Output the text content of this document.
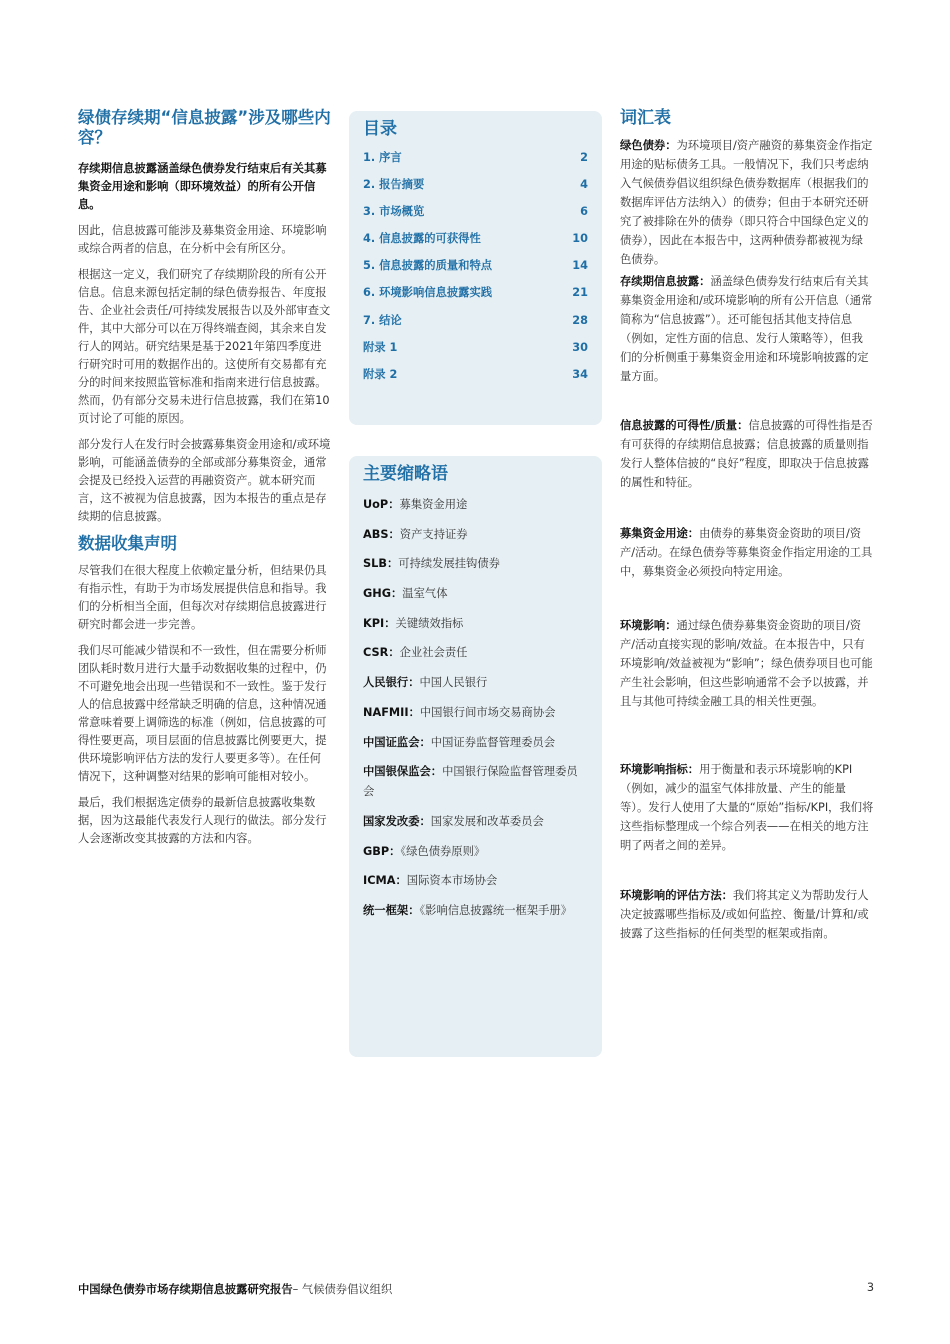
绿债存续期“信息披露”涉及哪些内容？

存续期信息披露涵盖绿色债券发行结束后有关其募集资金用途和影响（即环境效益）的所有公开信息。

因此，信息披露可能涉及募集资金用途、环境影响或综合两者的信息，在分析中会有所区分。

根据这一定义，我们研究了存续期阶段的所有公开信息。信息来源包括定制的绿色债券报告、年度报告、企业社会责任/可持续发展报告以及外部审查文件，其中大部分可以在万得终端查阅，其余来自发行人的网站。研究结果是基于2021年第四季度进行研究时可用的数据作出的。这使所有交易都有充分的时间来按照监管标准和指南来进行信息披露。然而，仍有部分交易未进行信息披露，我们在第10页讨论了可能的原因。

部分发行人在发行时会披露募集资金用途和/或环境影响，可能涵盖债券的全部或部分募集资金，通常会提及已经投入运营的再融资资产。就本研究而言，这不被视为信息披露，因为本报告的重点是存续期的信息披露。

数据收集声明

尽管我们在很大程度上依赖定量分析，但结果仍具有指示性，有助于为市场发展提供信息和指导。我们的分析相当全面，但每次对存续期信息披露进行研究时都会进一步完善。

我们尽可能减少错误和不一致性，但在需要分析师团队耗时数月进行大量手动数据收集的过程中，仍不可避免地会出现一些错误和不一致性。鉴于发行人的信息披露中经常缺乏明确的信息，这种情况通常意味着要上调筛选的标准（例如，信息披露的可得性要更高，项目层面的信息披露比例要更大，提供环境影响评估方法的发行人要更多等）。在任何情况下，这种调整对结果的影响可能相对较小。

最后，我们根据选定债券的最新信息披露收集数据，因为这最能代表发行人现行的做法。部分发行人会逐渐改变其披露的方法和内容。

目录
1. 序言	2
2. 报告摘要	4
3. 市场概览	6
4. 信息披露的可获得性	10
5. 信息披露的质量和特点	14
6. 环境影响信息披露实践	21
7. 结论	28
附录 1	30
附录 2	34
主要缩略语
UoP：募集资金用途
ABS：资产支持证券
SLB：可持续发展挂钩债券
GHG：温室气体
KPI：关键绩效指标
CSR：企业社会责任
人民银行：中国人民银行
NAFMII：中国银行间市场交易商协会
中国证监会：中国证券监督管理委员会
中国银保监会：中国银行保险监督管理委员会
国家发改委：国家发展和改革委员会
GBP：《绿色债券原则》
ICMA：国际资本市场协会
统一框架：《影响信息披露统一框架手册》
词汇表

绿色债券：为环境项目/资产融资的募集资金作指定用途的贴标债务工具。一般情况下，我们只考虑纳入气候债券倡议组织绿色债券数据库（根据我们的数据库评估方法纳入）的债券；但由于本研究还研究了被排除在外的债券（即只符合中国绿色定义的债券），因此在本报告中，这两种债券都被视为绿色债券。

存续期信息披露：涵盖绿色债券发行结束后有关其募集资金用途和/或环境影响的所有公开信息（通常简称为“信息披露”）。还可能包括其他支持信息（例如，定性方面的信息、发行人策略等），但我们的分析侧重于募集资金用途和环境影响披露的定量方面。

信息披露的可得性/质量：信息披露的可得性指是否有可获得的存续期信息披露；信息披露的质量则指发行人整体信披的“良好”程度，即取决于信息披露的属性和特征。

募集资金用途：由债券的募集资金资助的项目/资产/活动。在绿色债券等募集资金作指定用途的工具中，募集资金必须投向特定用途。

环境影响：通过绿色债券募集资金资助的项目/资产/活动直接实现的影响/效益。在本报告中，只有环境影响/效益被视为“影响”；绿色债券项目也可能产生社会影响，但这些影响通常不会予以披露，并且与其他可持续金融工具的相关性更强。

环境影响指标：用于衡量和表示环境影响的KPI（例如，减少的温室气体排放量、产生的能量等）。发行人使用了大量的“原始”指标/KPI，我们将这些指标整理成一个综合列表——在相关的地方注明了两者之间的差异。

环境影响的评估方法：我们将其定义为帮助发行人决定披露哪些指标及/或如何监控、衡量/计算和/或披露了这些指标的任何类型的框架或指南。

中国绿色债券市场存续期信息披露研究报告– 气候债券倡议组织	3
